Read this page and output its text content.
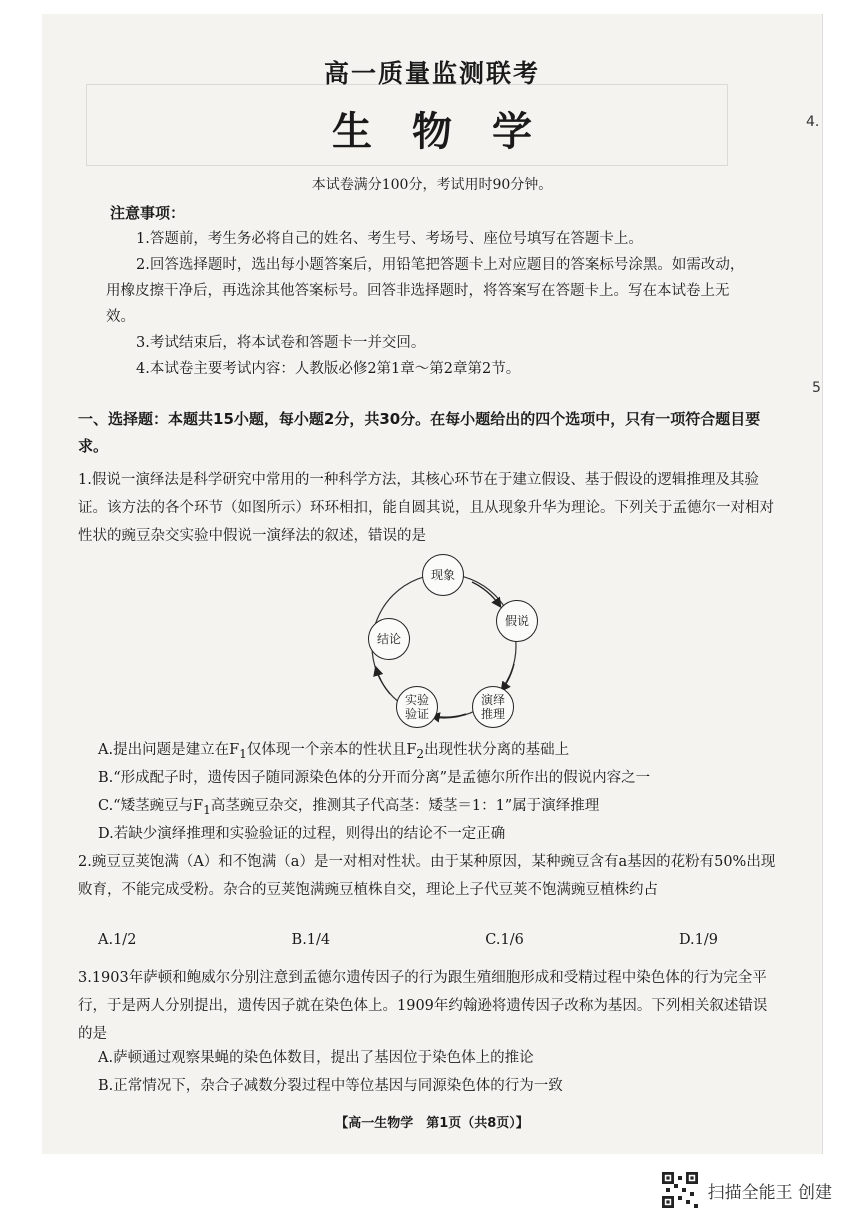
高一质量监测联考
生物学
本试卷满分100分，考试用时90分钟。
注意事项：
1.答题前，考生务必将自己的姓名、考生号、考场号、座位号填写在答题卡上。
2.回答选择题时，选出每小题答案后，用铅笔把答题卡上对应题目的答案标号涂黑。如需改动，用橡皮擦干净后，再选涂其他答案标号。回答非选择题时，将答案写在答题卡上。写在本试卷上无效。
3.考试结束后，将本试卷和答题卡一并交回。
4.本试卷主要考试内容：人教版必修2第1章～第2章第2节。
一、选择题：本题共15小题，每小题2分，共30分。在每小题给出的四个选项中，只有一项符合题目要求。
1.假说一演绎法是科学研究中常用的一种科学方法，其核心环节在于建立假设、基于假设的逻辑推理及其验证。该方法的各个环节（如图所示）环环相扣，能自圆其说，且从现象升华为理论。下列关于孟德尔一对相对性状的豌豆杂交实验中假说一演绎法的叙述，错误的是
现象
假说
演绎
推理
实验
验证
结论
A.提出问题是建立在$F_1$仅体现一个亲本的性状且$F_2$出现性状分离的基础上
B.“形成配子时，遗传因子随同源染色体的分开而分离”是孟德尔所作出的假说内容之一
C.“矮茎豌豆与$F_1$高茎豌豆杂交，推测其子代高茎：矮茎＝1：1”属于演绎推理
D.若缺少演绎推理和实验验证的过程，则得出的结论不一定正确
2.豌豆豆荚饱满（A）和不饱满（a）是一对相对性状。由于某种原因，某种豌豆含有a基因的花粉有50%出现败育，不能完成受粉。杂合的豆荚饱满豌豆植株自交，理论上子代豆荚不饱满豌豆植株约占
A.1/2	B.1/4	C.1/6	D.1/9
3.1903年萨顿和鲍威尔分别注意到孟德尔遗传因子的行为跟生殖细胞形成和受精过程中染色体的行为完全平行，于是两人分别提出，遗传因子就在染色体上。1909年约翰逊将遗传因子改称为基因。下列相关叙述错误的是
A.萨顿通过观察果蝇的染色体数目，提出了基因位于染色体上的推论
B.正常情况下，杂合子减数分裂过程中等位基因与同源染色体的行为一致
【高一生物学　第1页（共8页）】
4.
5
扫描全能王 创建
